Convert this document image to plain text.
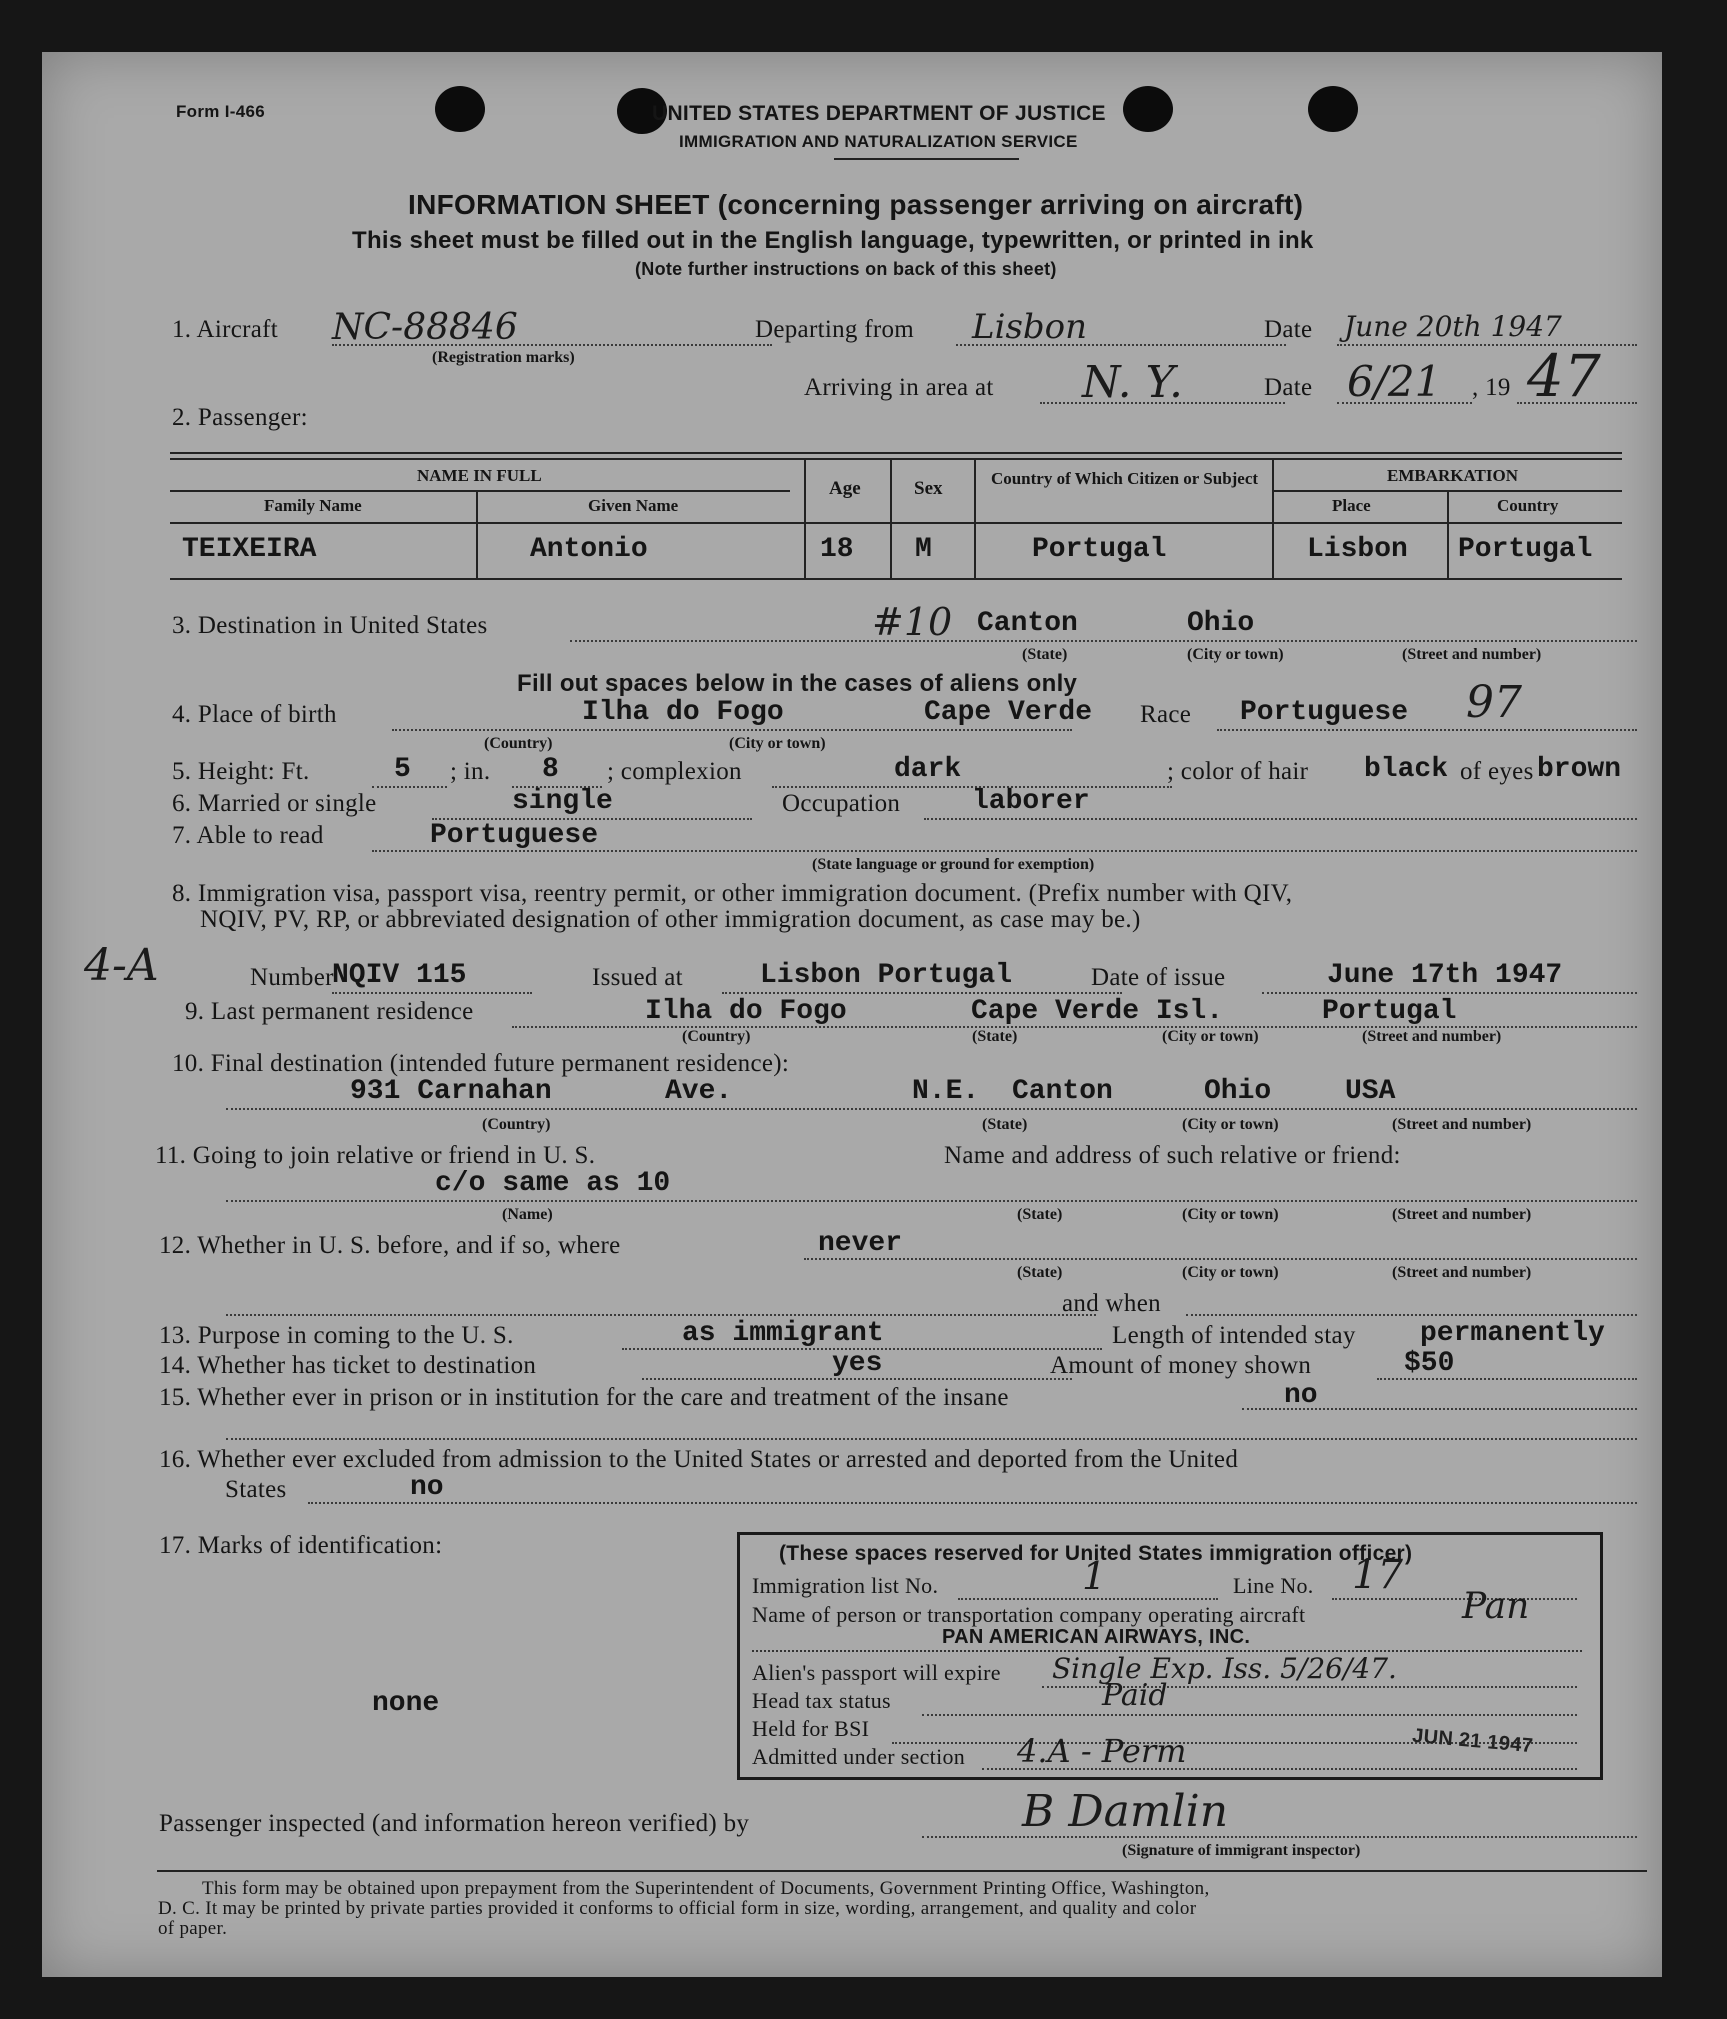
Form I-466	UNITED STATES DEPARTMENT OF JUSTICE
IMMIGRATION AND NATURALIZATION SERVICE
INFORMATION SHEET (concerning passenger arriving on aircraft)
This sheet must be filled out in the English language, typewritten, or printed in ink
(Note further instructions on back of this sheet)
1. Aircraft NC-88846
(Registration marks)
Departing from Lisbon	Date June 20th 1947
Arriving in area at N. Y.	Date 6/21 , 19 47
2. Passenger:
NAME IN FULL
Family Name	Given Name
Age	Sex	Country of Which Citizen or Subject	EMBARKATION
Place	Country
TEIXEIRA	Antonio	18 M	Portugal	Lisbon Portugal
3. Destination in United States	#10 Canton	Ohio
(State)	(City or town)	(Street and number)
Fill out spaces below in the cases of aliens only
4. Place of birth	Ilha do Fogo	Cape Verde
(Country)	(City or town)
Race Portuguese 97
5. Height: Ft.	5 ; in. 8 ; complexion	dark	; color of hair black of eyes brown
6. Married or single	single	Occupation	laborer
7. Able to read	Portuguese
(State language or ground for exemption)
8. Immigration visa, passport visa, reentry permit, or other immigration document. (Prefix number with QIV,
NQIV, PV, RP, or abbreviated designation of other immigration document, as case may be.)
4-A	Number
NQIV 115	Issued at	Lisbon Portugal	Date of issue	June 17th 1947
9. Last permanent residence	Ilha do Fogo	Cape Verde Isl.	Portugal
(Country)	(State)	(City or town)	(Street and number)
10. Final destination (intended future permanent residence):
931 Carnahan	Ave.	N.E. Canton	Ohio	USA
(Country)	(State)	(City or town)	(Street and number)
11. Going to join relative or friend in U. S.	Name and address of such relative or friend:
c/o same as 10
(Name)	(State)	(City or town)	(Street and number)
12. Whether in U. S. before, and if so, where	never
(State)	(City or town)	(Street and number)
and when
13. Purpose in coming to the U. S.	as immigrant	Length of intended stay permanently
14. Whether has ticket to destination	yes	Amount of money shown	$50
15. Whether ever in prison or in institution for the care and treatment of the insane	no
16. Whether ever excluded from admission to the United States or arrested and deported from the United
States	no
17. Marks of identification:
none
(These spaces reserved for United States immigration officer)
Immigration list No.	1	Line No. 17
Name of person or transportation company operating aircraft	Pan
PAN AMERICAN AIRWAYS, INC.
Alien's passport will expire Single Exp. Iss. 5/26/47.
Head tax status	Paid
Held for BSI
Admitted under section 4.A - Perm	JUN 21 1947
Passenger inspected (and information hereon verified) by	B Damlin
(Signature of immigrant inspector)
This form may be obtained upon prepayment from the Superintendent of Documents, Government Printing Office, Washington,
D. C. It may be printed by private parties provided it conforms to official form in size, wording, arrangement, and quality and color
of paper.
